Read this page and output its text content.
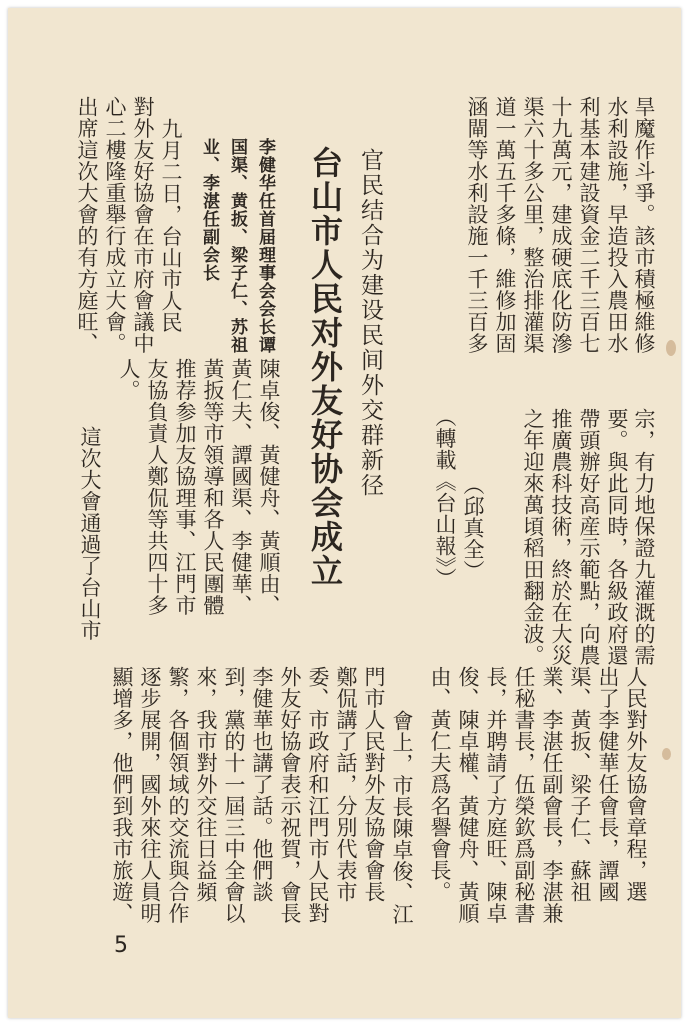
旱魔作斗爭。該市積極維修

水利設施，早造投入農田水

利基本建設資金二千三百七

十九萬元，建成硬底化防滲

渠六十多公里，整治排灌渠

道一萬五千多條，維修加固

涵閘等水利設施一千三百多

宗，有力地保證九灌溉的需

要。與此同時，各級政府還

帶頭辦好高産示範點，向農

推廣農科技術，終於在大災

之年迎來萬頃稻田翻金波。

（邱真全）

（轉載《台山報》）

官民结合为建设民间外交群新径

台山市人民对外友好协会成立

李健华任首届理事会会长谭

国渠、黄扳、梁子仁、苏祖

业、李湛任副会长

九月二日，台山市人民

對外友好協會在市府會議中

心二樓隆重舉行成立大會。

出席這次大會的有方庭旺、

陳卓俊、黃健舟、黃順由、

黃仁夫、譚國渠、李健華、

黃扳等市領導和各人民團體

推荐参加友協理事、江門市

友協負責人鄭侃等共四十多

人。

這次大會通過了台山市

人民對外友協會章程，選

出了李健華任會長，譚國

渠、黃扳、梁子仁、蘇祖

業、李湛任副會長，李湛兼

任秘書長，伍榮欽爲副秘書

長，并聘請了方庭旺、陳卓

俊、陳卓權、黃健舟、黃順

由、黃仁夫爲名譽會長。

會上，市長陳卓俊、江

門市人民對外友協會會長

鄭侃講了話，分別代表市

委、市政府和江門市人民對

外友好協會表示祝賀，會長

李健華也講了話。他們談

到，黨的十一屆三中全會以

來，我市對外交往日益頻

繁，各個領域的交流與合作

逐步展開，國外來往人員明

顯增多，他們到我市旅遊、

5
